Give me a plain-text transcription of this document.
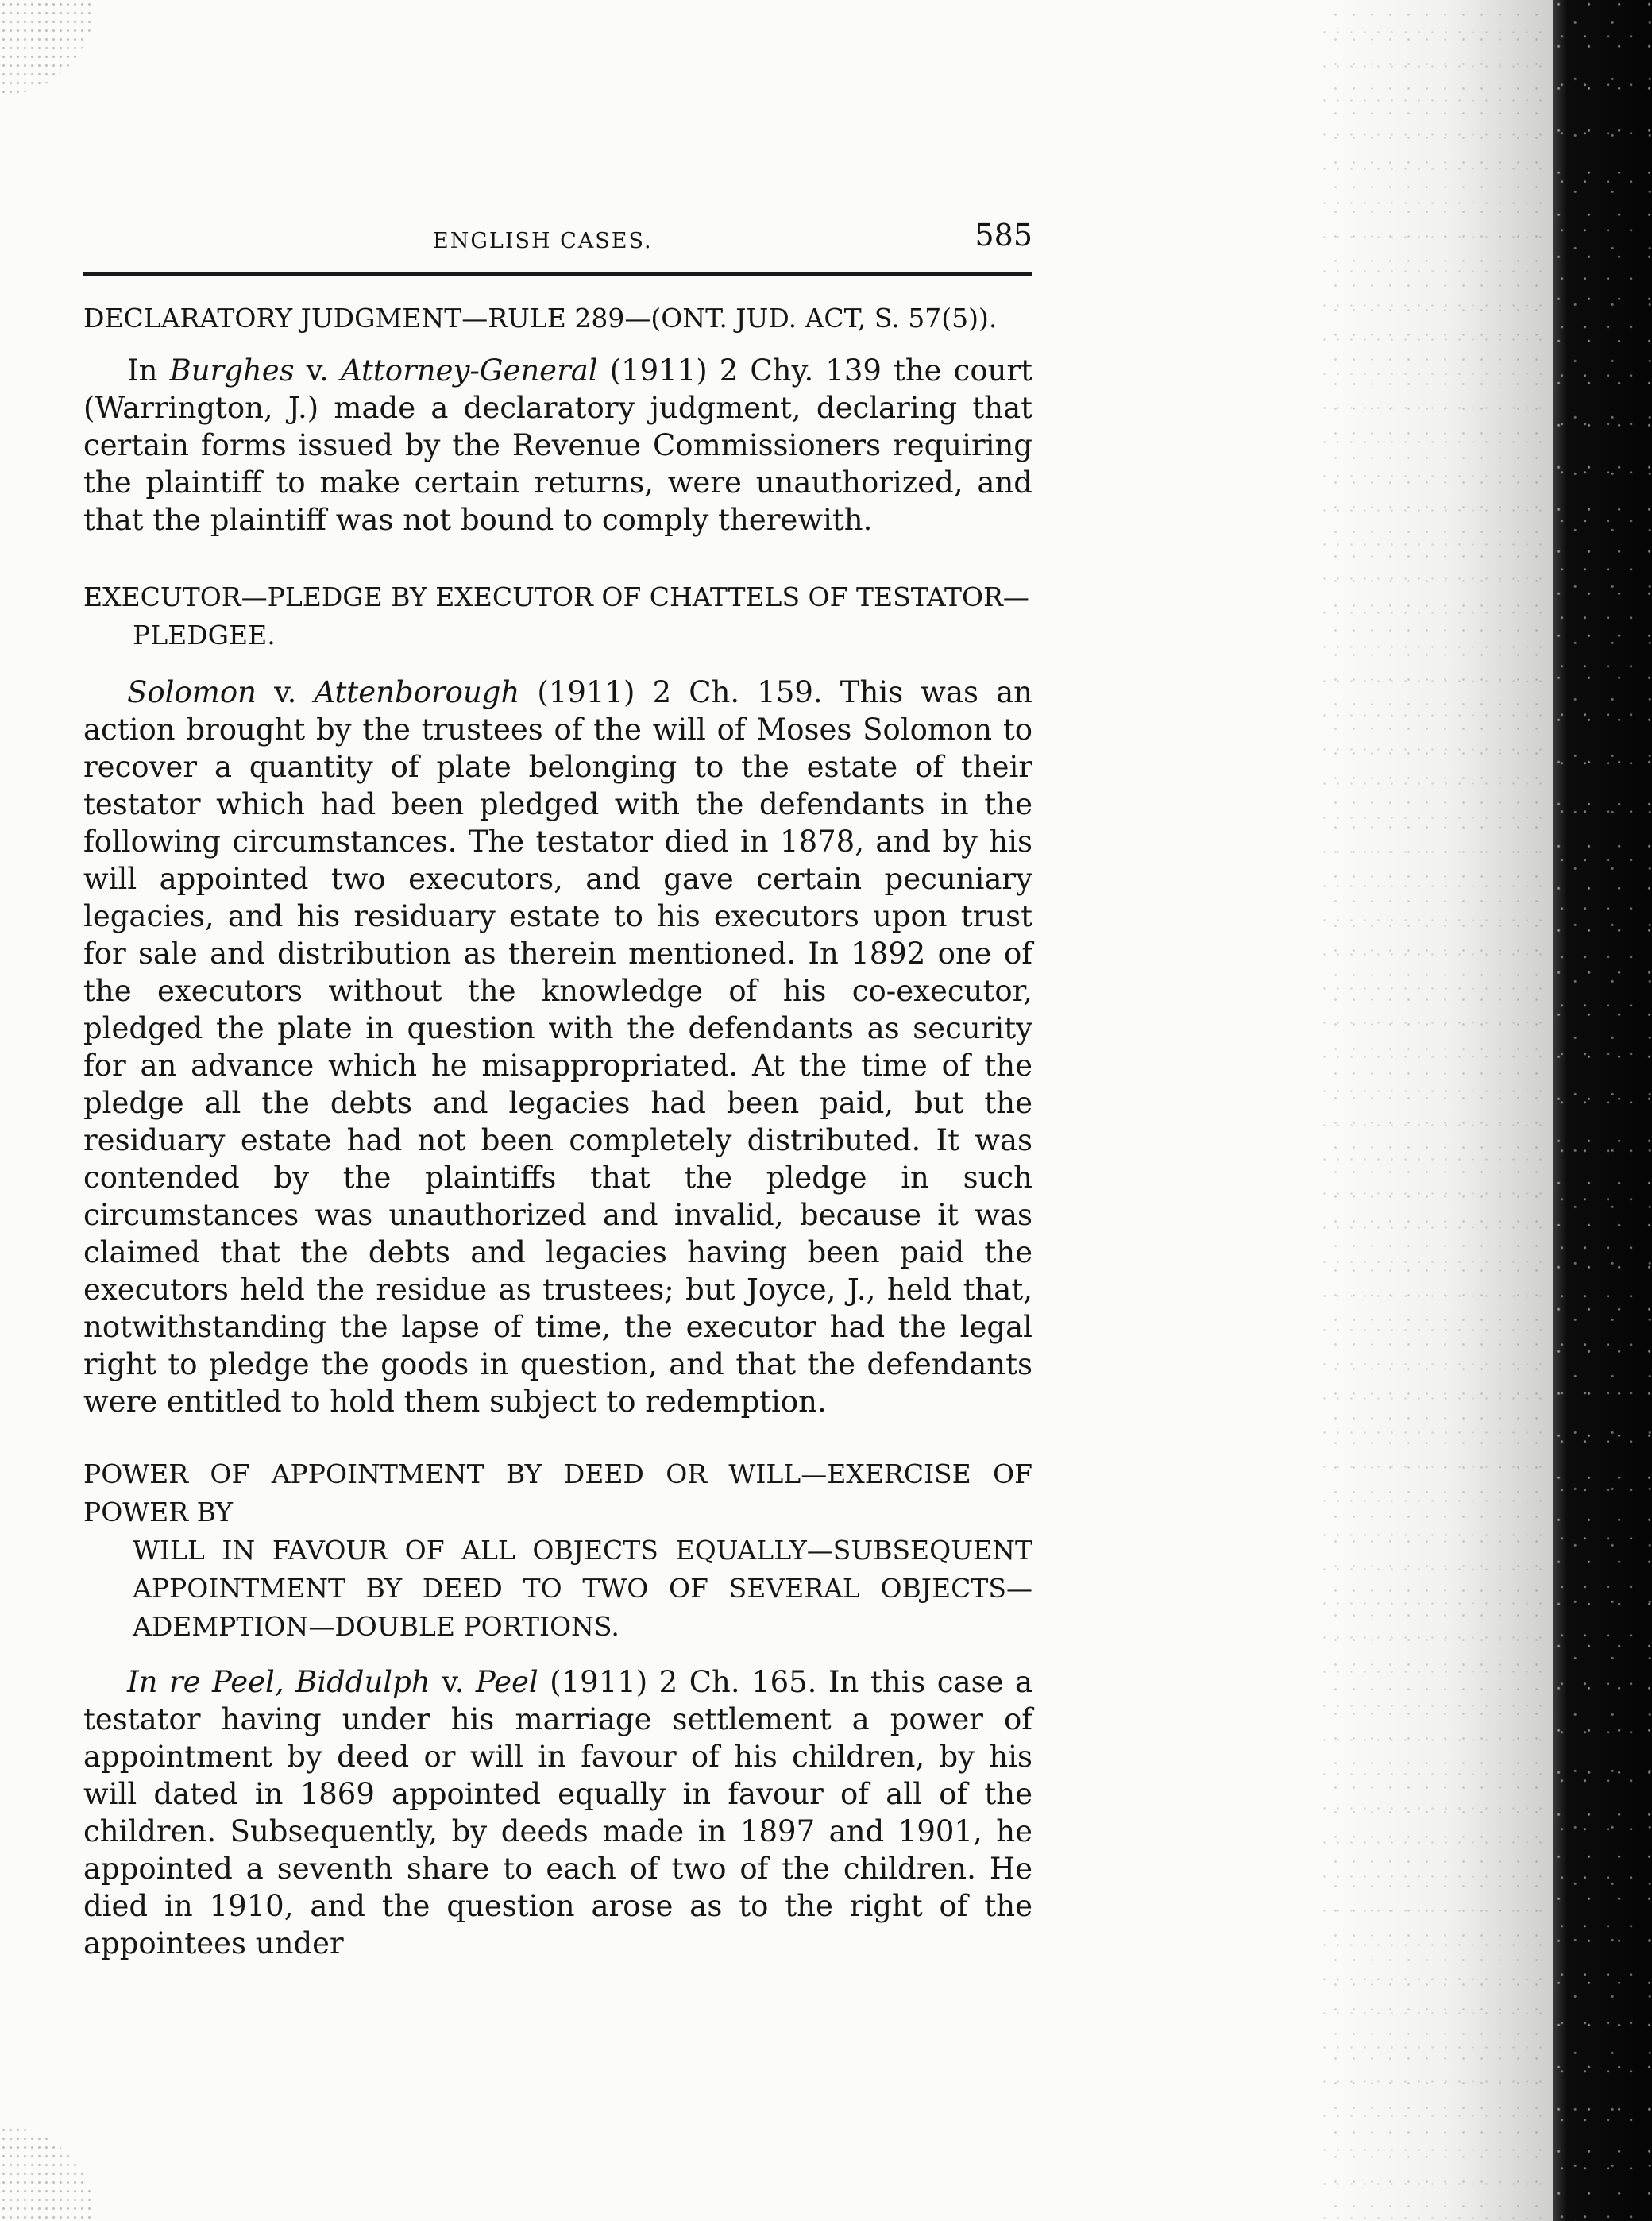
ENGLISH CASES.	585

DECLARATORY JUDGMENT—RULE 289—(ONT. JUD. ACT, S. 57(5)).

In Burghes v. Attorney-General (1911) 2 Chy. 139 the court (Warrington, J.) made a declaratory judgment, declaring that certain forms issued by the Revenue Commissioners requiring the plaintiff to make certain returns, were unauthorized, and that the plaintiff was not bound to comply therewith.

EXECUTOR—PLEDGE BY EXECUTOR OF CHATTELS OF TESTATOR—
PLEDGEE.

Solomon v. Attenborough (1911) 2 Ch. 159. This was an action brought by the trustees of the will of Moses Solomon to recover a quantity of plate belonging to the estate of their testator which had been pledged with the defendants in the following circumstances. The testator died in 1878, and by his will appointed two executors, and gave certain pecuniary legacies, and his residuary estate to his executors upon trust for sale and distribution as therein mentioned. In 1892 one of the executors without the knowledge of his co-executor, pledged the plate in question with the defendants as security for an advance which he misappropriated. At the time of the pledge all the debts and legacies had been paid, but the residuary estate had not been completely distributed. It was contended by the plaintiffs that the pledge in such circumstances was unauthorized and invalid, because it was claimed that the debts and legacies having been paid the executors held the residue as trustees; but Joyce, J., held that, notwithstanding the lapse of time, the executor had the legal right to pledge the goods in question, and that the defendants were entitled to hold them subject to redemption.

POWER OF APPOINTMENT BY DEED OR WILL—EXERCISE OF POWER BY

WILL IN FAVOUR OF ALL OBJECTS EQUALLY—SUBSEQUENT APPOINTMENT BY DEED TO TWO OF SEVERAL OBJECTS—ADEMPTION—DOUBLE PORTIONS.

In re Peel, Biddulph v. Peel (1911) 2 Ch. 165. In this case a testator having under his marriage settlement a power of appointment by deed or will in favour of his children, by his will dated in 1869 appointed equally in favour of all of the children. Subsequently, by deeds made in 1897 and 1901, he appointed a seventh share to each of two of the children. He died in 1910, and the question arose as to the right of the appointees under
